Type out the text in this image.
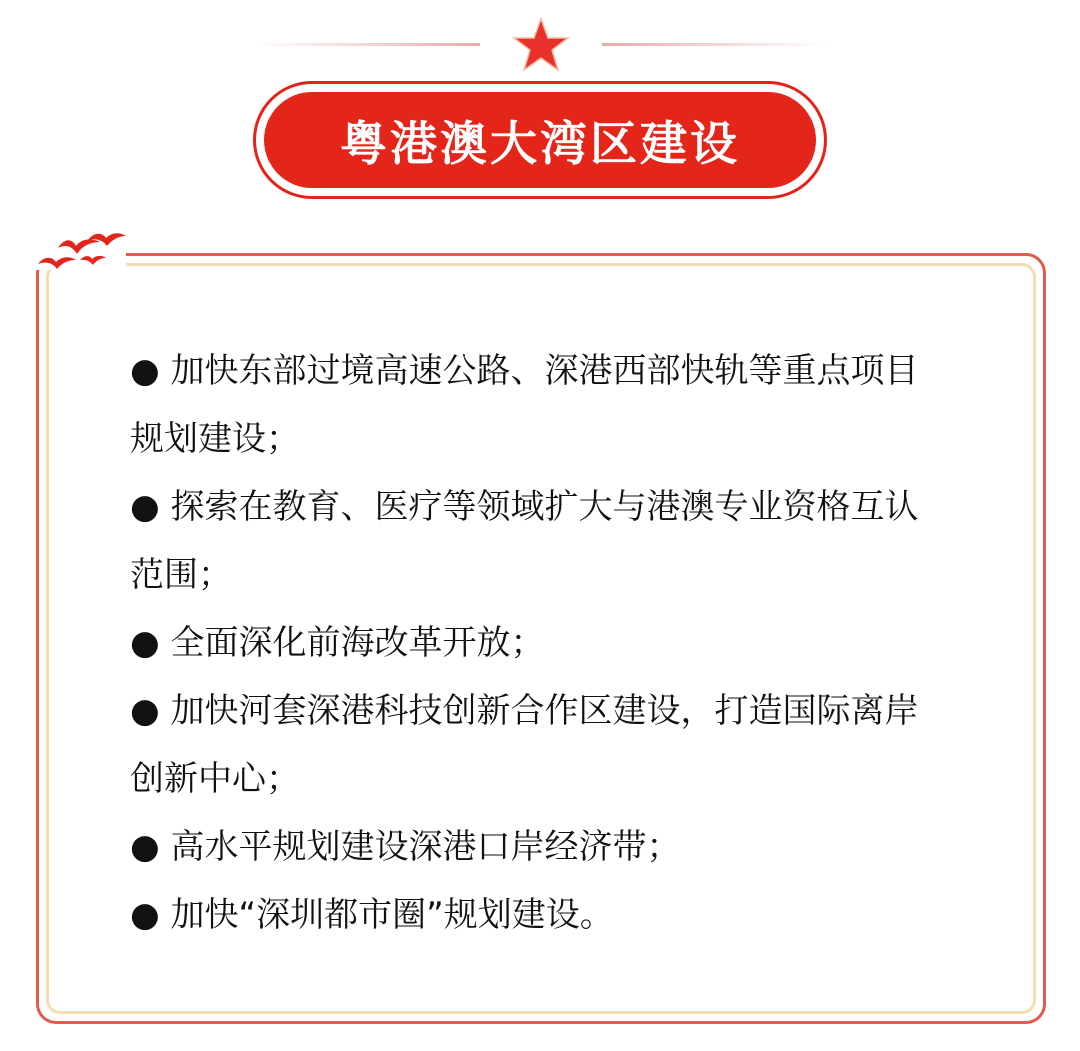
粤港澳大湾区建设
● 加快东部过境高速公路、深港西部快轨等重点项目
规划建设；
● 探索在教育、医疗等领域扩大与港澳专业资格互认
范围；
● 全面深化前海改革开放；
● 加快河套深港科技创新合作区建设，打造国际离岸
创新中心；
● 高水平规划建设深港口岸经济带；
● 加快“深圳都市圈”规划建设。
